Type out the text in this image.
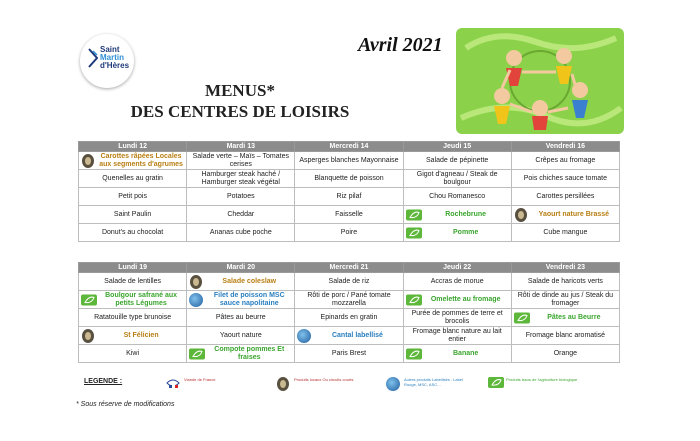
Saint
Martin
d'Hères
Avril 2021
MENUS*
DES CENTRES DE LOISIRS
Lundi 12	Mardi 13	Mercredi 14	Jeudi 15	Vendredi 16

Carottes râpées Locales aux segments d'agrumes	Salade verte – Maïs – Tomates cerises	Asperges blanches Mayonnaise	Salade de pépinette	Crêpes au fromage
Quenelles au gratin	Hamburger steak haché / Hamburger steak végétal	Blanquette de poisson	Gigot d'agneau / Steak de boulgour	Pois chiches sauce tomate
Petit pois	Potatoes	Riz pilaf	Chou Romanesco	Carottes persillées
Saint Paulin	Cheddar	Faisselle	Rochebrune	Yaourt nature Brassé
Donut's au chocolat	Ananas cube poche	Poire	Pomme	Cube mangue
Lundi 19	Mardi 20	Mercredi 21	Jeudi 22	Vendredi 23
Salade de lentilles	Salade coleslaw	Salade de riz	Accras de morue	Salade de haricots verts

Boulgour safrané aux petits Légumes	Filet de poisson MSC sauce napolitaine	Rôti de porc / Pané tomate mozzarella	Omelette au fromage	Rôti de dinde au jus / Steak du fromager
Ratatouille type brunoise	Pâtes au beurre	Epinards en gratin	Purée de pommes de terre et brocolis	Pâtes au Beurre

St Félicien	Yaourt nature	Cantal labellisé	Fromage blanc nature au lait entier	Fromage blanc aromatisé
Kiwi	Compote pommes Et fraises	Paris Brest	Banane	Orange
LEGENDE :	Viande de France	Produits locaux Ou circuits courts	Autres produits Labellisés : Label Rouge, MSC, ASC…
Produits issus de l'agriculture biologique
* Sous réserve de modifications
